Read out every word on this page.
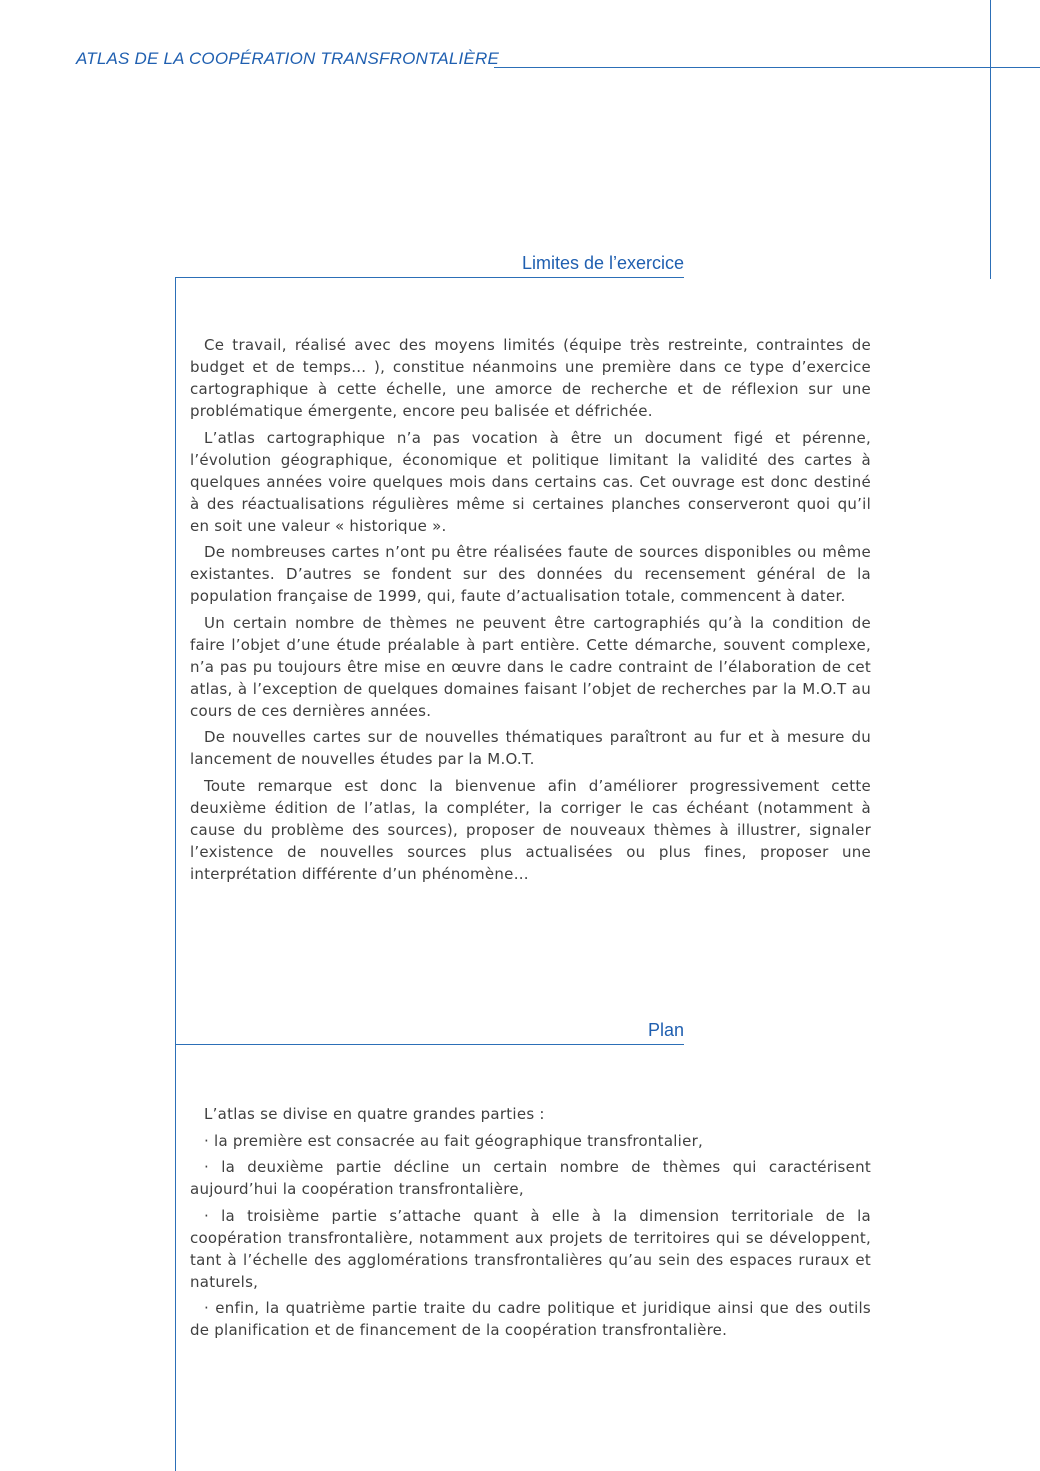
ATLAS DE LA COOPÉRATION TRANSFRONTALIÈRE
Limites de l’exercice

Ce travail, réalisé avec des moyens limités (équipe très restreinte, contraintes de budget et de temps… ), constitue néanmoins une première dans ce type d’exercice cartographique à cette échelle, une amorce de recherche et de réflexion sur une problématique émergente, encore peu balisée et défrichée.

L’atlas cartographique n’a pas vocation à être un document figé et pérenne, l’évolution géographique, économique et politique limitant la validité des cartes à quelques années voire quelques mois dans certains cas. Cet ouvrage est donc destiné à des réactualisations régulières même si certaines planches conserveront quoi qu’il en soit une valeur « historique ».

De nombreuses cartes n’ont pu être réalisées faute de sources disponibles ou même existantes. D’autres se fondent sur des données du recensement général de la population française de 1999, qui, faute d’actualisation totale, commencent à dater.

Un certain nombre de thèmes ne peuvent être cartographiés qu’à la condition de faire l’objet d’une étude préalable à part entière. Cette démarche, souvent complexe, n’a pas pu toujours être mise en œuvre dans le cadre contraint de l’élaboration de cet atlas, à l’exception de quelques domaines faisant l’objet de recherches par la M.O.T au cours de ces dernières années.

De nouvelles cartes sur de nouvelles thématiques paraîtront au fur et à mesure du lancement de nouvelles études par la M.O.T.

Toute remarque est donc la bienvenue afin d’améliorer progressivement cette deuxième édition de l’atlas, la compléter, la corriger le cas échéant (notamment à cause du problème des sources), proposer de nouveaux thèmes à illustrer, signaler l’existence de nouvelles sources plus actualisées ou plus fines, proposer une interprétation différente d’un phénomène…

Plan

L’atlas se divise en quatre grandes parties :

· la première est consacrée au fait géographique transfrontalier,

· la deuxième partie décline un certain nombre de thèmes qui caractérisent aujourd’hui la coopération transfrontalière,

· la troisième partie s’attache quant à elle à la dimension territoriale de la coopération transfrontalière, notamment aux projets de territoires qui se développent, tant à l’échelle des agglomérations transfrontalières qu’au sein des espaces ruraux et naturels,

· enfin, la quatrième partie traite du cadre politique et juridique ainsi que des outils de planification et de financement de la coopération transfrontalière.
